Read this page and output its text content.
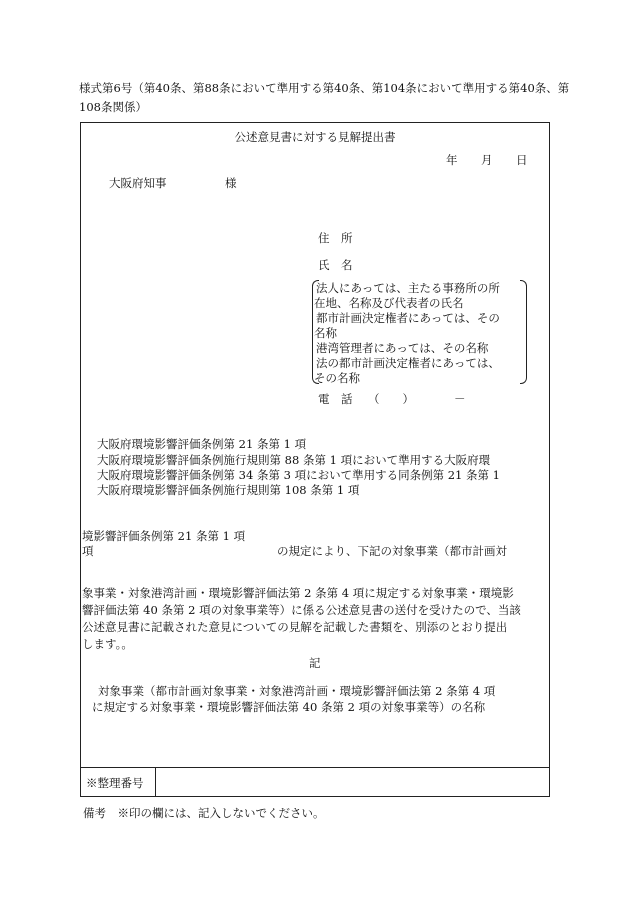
様式第6号（第40条、第88条において準用する第40条、第104条において準用する第40条、第
108条関係）
公述意見書に対する見解提出書
年 月 日
大阪府知事	様
住　所
氏　名
法人にあっては、主たる事務所の所
在地、名称及び代表者の氏名
都市計画決定権者にあっては、その
名称
港湾管理者にあっては、その名称
法の都市計画決定権者にあっては、
その名称
電　話 （　　）	－
大阪府環境影響評価条例第 21 条第 1 項
大阪府環境影響評価条例施行規則第 88 条第 1 項において準用する大阪府環
大阪府環境影響評価条例第 34 条第 3 項において準用する同条例第 21 条第 1
大阪府環境影響評価条例施行規則第 108 条第 1 項
境影響評価条例第 21 条第 1 項
項	の規定により、下記の対象事業（都市計画対
象事業・対象港湾計画・環境影響評価法第 2 条第 4 項に規定する対象事業・環境影
響評価法第 40 条第 2 項の対象事業等）に係る公述意見書の送付を受けたので、当該
公述意見書に記載された意見についての見解を記載した書類を、別添のとおり提出
します。。
記
対象事業（都市計画対象事業・対象港湾計画・環境影響評価法第 2 条第 4 項
に規定する対象事業・環境影響評価法第 40 条第 2 項の対象事業等）の名称
※整理番号
備考　※印の欄には、記入しないでください。
